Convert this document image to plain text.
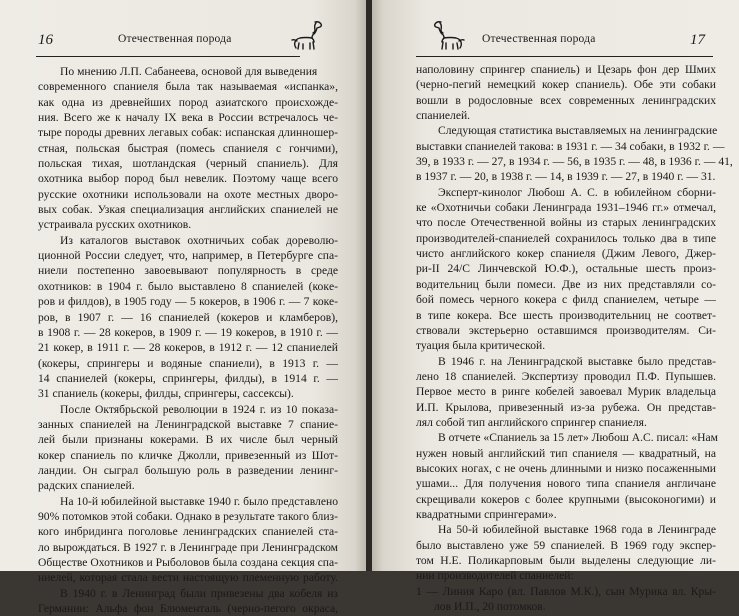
16	Отечественная порода
По мнению Л.П. Сабанеева, основой для выведения
современного спаниеля была так называемая «испанка»,
как одна из древнейших пород азиатского происхожде-
ния. Всего же к началу IX века в России встречалось че-
тыре породы древних легавых собак: испанская длинношер-
стная, польская быстрая (помесь спаниеля с гончими),
польская тихая, шотландская (черный спаниель). Для
охотника выбор пород был невелик. Поэтому чаще всего
русские охотники использовали на охоте местных дворо-
вых собак. Узкая специализация английских спаниелей не
устраивала русских охотников.
Из каталогов выставок охотничьих собак дореволю-
ционной России следует, что, например, в Петербурге спа-
ниели постепенно завоевывают популярность в среде
охотников: в 1904 г. было выставлено 8 спаниелей (кокe-
ров и филдов), в 1905 году — 5 кокеров, в 1906 г. — 7 коке-
ров, в 1907 г. — 16 спаниелей (кокеров и кламберов),
в 1908 г. — 28 кокеров, в 1909 г. — 19 кокеров, в 1910 г. —
21 кокер, в 1911 г. — 28 кокеров, в 1912 г. — 12 спаниелей
(кокеры, спрингеры и водяные спаниели), в 1913 г. —
14 спаниелей (кокеры, спрингеры, филды), в 1914 г. —
31 спаниель (кокеры, филды, спрингеры, сассексы).
После Октябрьской революции в 1924 г. из 10 показа-
занных спаниелей на Ленинградской выставке 7 спание-
лей были признаны кокерами. В их числе был черный
кокер спаниель по кличке Джолли, привезенный из Шот-
ландии. Он сыграл большую роль в разведении ленинг-
радских спаниелей.
На 10-й юбилейной выставке 1940 г. было представлено
90% потомков этой собаки. Однако в результате такого близ-
кого инбридинга поголовье ленинградских спаниелей ста-
ло вырождаться. В 1927 г. в Ленинграде при Ленинградском
Обществе Охотников и Рыболовов была создана секция спа-
ниелей, которая стала вести настоящую племенную работу.
В 1940 г. в Ленинград были привезены два кобеля из
Германии: Альфа фон Блюменталь (черно-пегого окраса,
Отечественная порода	17
наполовину спрингер спаниель) и Цезарь фон дер Шмих
(черно-пегий немецкий кокер спаниель). Обе эти собаки
вошли в родословные всех современных ленинградских
спаниелей.
Следующая статистика выставляемых на ленинградские
выставки спаниелей такова: в 1931 г. — 34 собаки, в 1932 г. —
39, в 1933 г. — 27, в 1934 г. — 56, в 1935 г. — 48, в 1936 г. — 41,
в 1937 г. — 20, в 1938 г. — 14, в 1939 г. — 27, в 1940 г. — 31.
Эксперт-кинолог Любош А. С. в юбилейном сборни-
ке «Охотничьи собаки Ленинграда 1931–1946 гг.» отмечал,
что после Отечественной войны из старых ленинградских
производителей-спаниелей сохранилось только два в типе
чисто английского кокер спаниеля (Джим Левого, Джер-
ри-II 24/С Линчевской Ю.Ф.), остальные шесть произ-
водительниц были помеси. Две из них представляли со-
бой помесь черного кокера с филд спаниелем, четыре —
в типе кокера. Все шесть производительниц не соответ-
ствовали экстерьерно оставшимся производителям. Си-
туация была критической.
В 1946 г. на Ленинградской выставке было представ-
лено 18 спаниелей. Экспертизу проводил П.Ф. Пупышев.
Первое место в ринге кобелей завоевал Мурик владельца
И.П. Крылова, привезенный из-за рубежа. Он представ-
лял собой тип английского спрингер спаниеля.
В отчете «Спаниель за 15 лет» Любош А.С. писал: «Нам
нужен новый английский тип спаниеля — квадратный, на
высоких ногах, с не очень длинными и низко посаженными
ушами... Для получения нового типа спаниеля англичане
скрещивали кокеров с более крупными (высоконогими) и
квадратными спрингерами».
На 50-й юбилейной выставке 1968 года в Ленинграде
было выставлено уже 59 спаниелей. В 1969 году экспер-
том Н.Е. Поликарповым были выделены следующие ли-
нии производителей спаниелей:
1 — Линия Каро (вл. Павлов М.К.), сын Мурика вл. Кры-
лов И.П., 20 потомков.
